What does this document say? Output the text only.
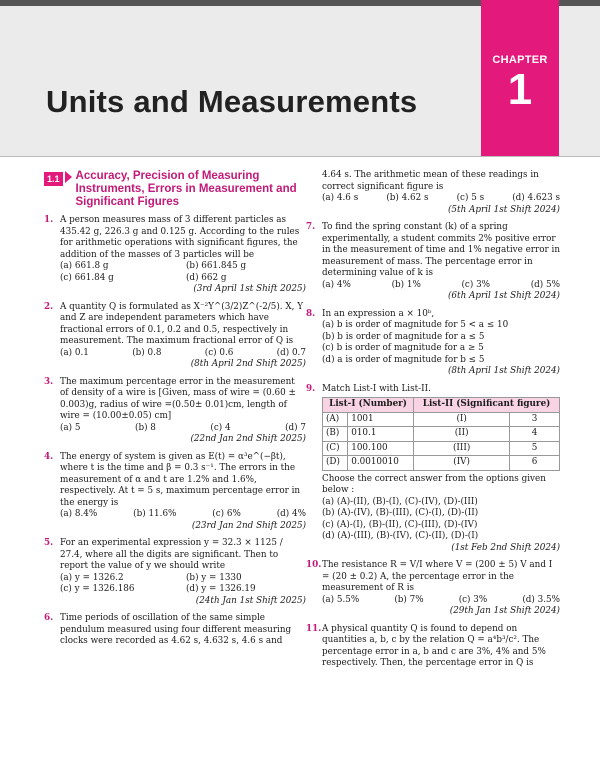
Units and Measurements
CHAPTER
1
1.1 Accuracy, Precision of Measuring Instruments, Errors in Measurement and Significant Figures
1. A person measures mass of 3 different particles as 435.42 g, 226.3 g and 0.125 g. According to the rules for arithmetic operations with significant figures, the addition of the masses of 3 particles will be
(a) 661.8 g	(b) 661.845 g
(c) 661.84 g	(d) 662 g
(3rd April 1st Shift 2025)
2. A quantity Q is formulated as X⁻²Y^(3/2)Z^(-2/5). X, Y and Z are independent parameters which have fractional errors of 0.1, 0.2 and 0.5, respectively in measurement. The maximum fractional error of Q is
(a) 0.1	(b) 0.8	(c) 0.6	(d) 0.7
(8th April 2nd Shift 2025)
3. The maximum percentage error in the measurement of density of a wire is [Given, mass of wire = (0.60 ± 0.003)g, radius of wire =(0.50± 0.01)cm, length of wire = (10.00±0.05) cm]
(a) 5	(b) 8	(c) 4	(d) 7
(22nd Jan 2nd Shift 2025)
4. The energy of system is given as E(t) = α³e^(−βt), where t is the time and β = 0.3 s⁻¹. The errors in the measurement of α and t are 1.2% and 1.6%, respectively. At t = 5 s, maximum percentage error in the energy is
(a) 8.4%	(b) 11.6%	(c) 6%	(d) 4%
(23rd Jan 2nd Shift 2025)
5. For an experimental expression y = 32.3 × 1125 / 27.4, where all the digits are significant. Then to report the value of y we should write
(a) y = 1326.2	(b) y = 1330
(c) y = 1326.186	(d) y = 1326.19
(24th Jan 1st Shift 2025)
6. Time periods of oscillation of the same simple pendulum measured using four different measuring clocks were recorded as 4.62 s, 4.632 s, 4.6 s and
4.64 s. The arithmetic mean of these readings in correct significant figure is
(a) 4.6 s	(b) 4.62 s	(c) 5 s	(d) 4.623 s
(5th April 1st Shift 2024)
7. To find the spring constant (k) of a spring experimentally, a student commits 2% positive error in the measurement of time and 1% negative error in measurement of mass. The percentage error in determining value of k is
(a) 4%	(b) 1%	(c) 3%	(d) 5%
(6th April 1st Shift 2024)
8. In an expression a × 10ᵇ,
(a) b is order of magnitude for 5 < a ≤ 10
(b) b is order of magnitude for a ≤ 5
(c) b is order of magnitude for a ≥ 5
(d) a is order of magnitude for b ≤ 5
(8th April 1st Shift 2024)
9. Match List-I with List-II.
List-I (Number)		List-II (Significant figure)	
(A)	1001	(I)	3
(B)	010.1	(II)	4
(C)	100.100	(III)	5
(D)	0.0010010	(IV)	6
Choose the correct answer from the options given below :
(a) (A)-(II), (B)-(I), (C)-(IV), (D)-(III)
(b) (A)-(IV), (B)-(III), (C)-(I), (D)-(II)
(c) (A)-(I), (B)-(II), (C)-(III), (D)-(IV)
(d) (A)-(III), (B)-(IV), (C)-(II), (D)-(I)
(1st Feb 2nd Shift 2024)
10. The resistance R = V/I where V = (200 ± 5) V and I = (20 ± 0.2) A, the percentage error in the measurement of R is
(a) 5.5%	(b) 7%	(c) 3%	(d) 3.5%
(29th Jan 1st Shift 2024)
11. A physical quantity Q is found to depend on quantities a, b, c by the relation Q = a⁴b³/c². The percentage error in a, b and c are 3%, 4% and 5% respectively. Then, the percentage error in Q is
